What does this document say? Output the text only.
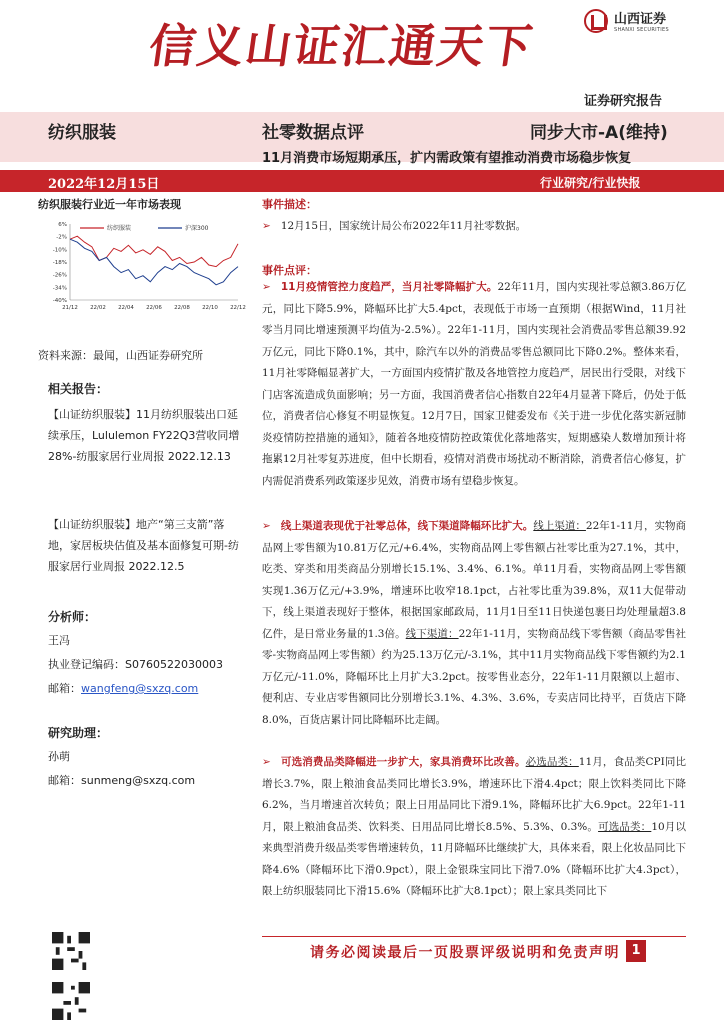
信义山证汇通天下	山西证券
SHANXI SECURITIES
证券研究报告
纺织服装	社零数据点评	同步大市-A(维持)
11月消费市场短期承压，扩内需政策有望推动消费市场稳步恢复
2022年12月15日	行业研究/行业快报
纺织服装行业近一年市场表现
6%
-2%
-10%
-18%
-26%
-34%
-40%
21/12 22/02 22/04 22/06 22/08 22/10 22/12
纺织服装	沪深300
资料来源：最闻，山西证券研究所
相关报告：
【山证纺织服装】11月纺织服装出口延续承压，Lululemon FY22Q3营收同增28%-纺服家居行业周报 2022.12.13
【山证纺织服装】地产“第三支箭”落地，家居板块估值及基本面修复可期-纺服家居行业周报 2022.12.5
分析师：
王冯
执业登记编码：S0760522030003
邮箱：wangfeng@sxzq.com
研究助理：
孙萌
邮箱：sunmeng@sxzq.com
事件描述：
➢ 12月15日，国家统计局公布2022年11月社零数据。
事件点评：
➢ 11月疫情管控力度趋严，当月社零降幅扩大。22年11月，国内实现社零总额3.86万亿元，同比下降5.9%，降幅环比扩大5.4pct，表现低于市场一直预期（根据Wind，11月社零当月同比增速预测平均值为-2.5%）。22年1-11月，国内实现社会消费品零售总额39.92万亿元，同比下降0.1%，其中，除汽车以外的消费品零售总额同比下降0.2%。整体来看，11月社零降幅显著扩大，一方面国内疫情扩散及各地管控力度趋严，居民出行受限，对线下门店客流造成负面影响；另一方面，我国消费者信心指数自22年4月显著下降后，仍处于低位，消费者信心修复不明显恢复。12月7日，国家卫健委发布《关于进一步优化落实新冠肺炎疫情防控措施的通知》，随着各地疫情防控政策优化落地落实，短期感染人数增加预计将拖累12月社零复苏进度，但中长期看，疫情对消费市场扰动不断消除，消费者信心修复，扩内需促消费系列政策逐步见效，消费市场有望稳步恢复。
➢ 线上渠道表现优于社零总体，线下渠道降幅环比扩大。线上渠道：22年1-11月，实物商品网上零售额为10.81万亿元/+6.4%，实物商品网上零售额占社零比重为27.1%，其中，吃类、穿类和用类商品分别增长15.1%、3.4%、6.1%。单11月看，实物商品网上零售额实现1.36万亿元/+3.9%，增速环比收窄18.1pct，占社零比重为39.8%，双11大促带动下，线上渠道表现好于整体，根据国家邮政局，11月1日至11日快递包裹日均处理量超3.8亿件，是日常业务量的1.3倍。线下渠道：22年1-11月，实物商品线下零售额（商品零售社零-实物商品网上零售额）约为25.13万亿元/-3.1%，其中11月实物商品线下零售额约为2.1万亿元/-11.0%，降幅环比上月扩大3.2pct。按零售业态分，22年1-11月限额以上超市、便利店、专业店零售额同比分别增长3.1%、4.3%、3.6%，专卖店同比持平，百货店下降8.0%，百货店累计同比降幅环比走阔。
➢ 可选消费品类降幅进一步扩大，家具消费环比改善。必选品类：11月，食品类CPI同比增长3.7%，限上粮油食品类同比增长3.9%，增速环比下滑4.4pct；限上饮料类同比下降6.2%，当月增速首次转负；限上日用品同比下滑9.1%，降幅环比扩大6.9pct。22年1-11月，限上粮油食品类、饮料类、日用品同比增长8.5%、5.3%、0.3%。可选品类：10月以来典型消费升级品类零售增速转负，11月降幅环比继续扩大，具体来看，限上化妆品同比下降4.6%（降幅环比下滑0.9pct），限上金银珠宝同比下滑7.0%（降幅环比扩大4.3pct），限上纺织服装同比下滑15.6%（降幅环比扩大8.1pct）；限上家具类同比下
请务必阅读最后一页股票评级说明和免责声明 1
